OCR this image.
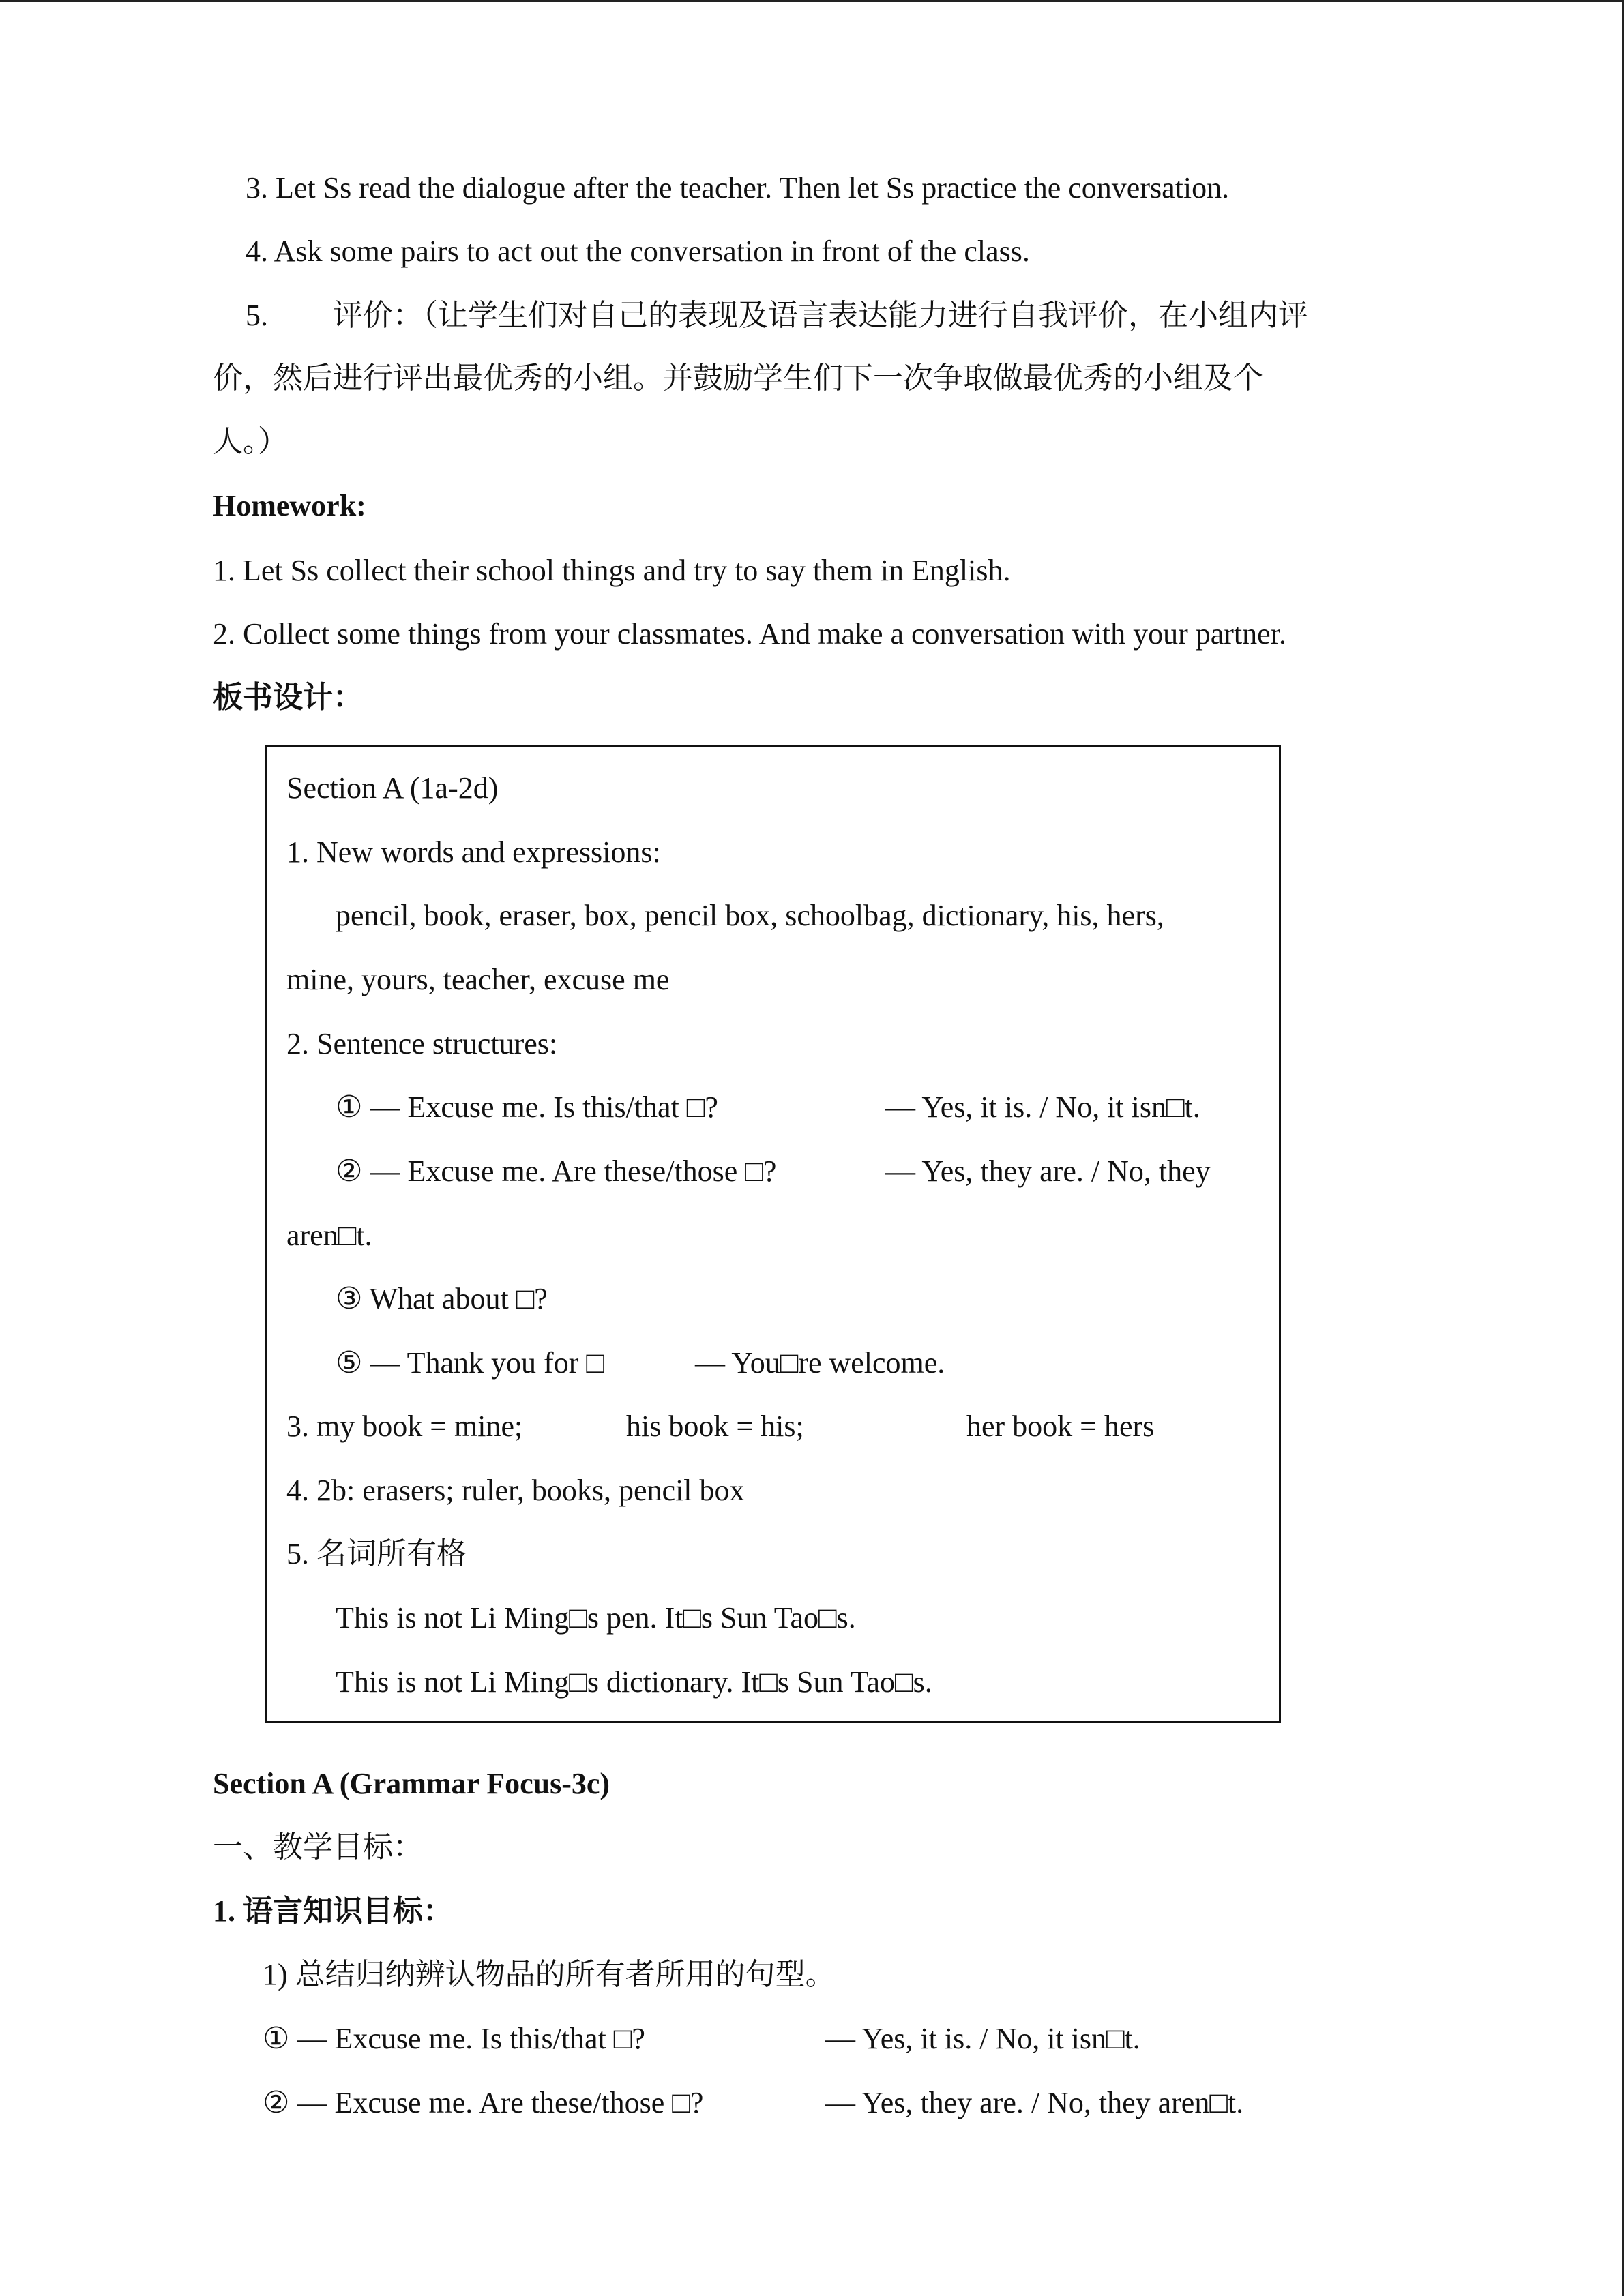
3. Let Ss read the dialogue after the teacher. Then let Ss practice the conversation.
4. Ask some pairs to act out the conversation in front of the class.
5. 评价：（让学生们对自己的表现及语言表达能力进行自我评价，在小组内评
价，然后进行评出最优秀的小组。并鼓励学生们下一次争取做最优秀的小组及个
人。）
Homework:
1. Let Ss collect their school things and try to say them in English.
2. Collect some things from your classmates. And make a conversation with your partner.
板书设计：
Section A (1a-2d)
1. New words and expressions:
pencil, book, eraser, box, pencil box, schoolbag, dictionary, his, hers,
mine, yours, teacher, excuse me
2. Sentence structures:
① — Excuse me. Is this/that □?	— Yes, it is. / No, it isn□t.
② — Excuse me. Are these/those □?	— Yes, they are. / No, they
aren□t.
③ What about □?
⑤ — Thank you for □	— You□re welcome.
3. my book = mine;	his book = his;	her book = hers
4. 2b: erasers; ruler, books, pencil box
5. 名词所有格
This is not Li Ming□s pen. It□s Sun Tao□s.
This is not Li Ming□s dictionary. It□s Sun Tao□s.
Section A (Grammar Focus-3c)
一、教学目标：
1. 语言知识目标：
1) 总结归纳辨认物品的所有者所用的句型。
① — Excuse me. Is this/that □?	— Yes, it is. / No, it isn□t.
② — Excuse me. Are these/those □?	— Yes, they are. / No, they aren□t.
